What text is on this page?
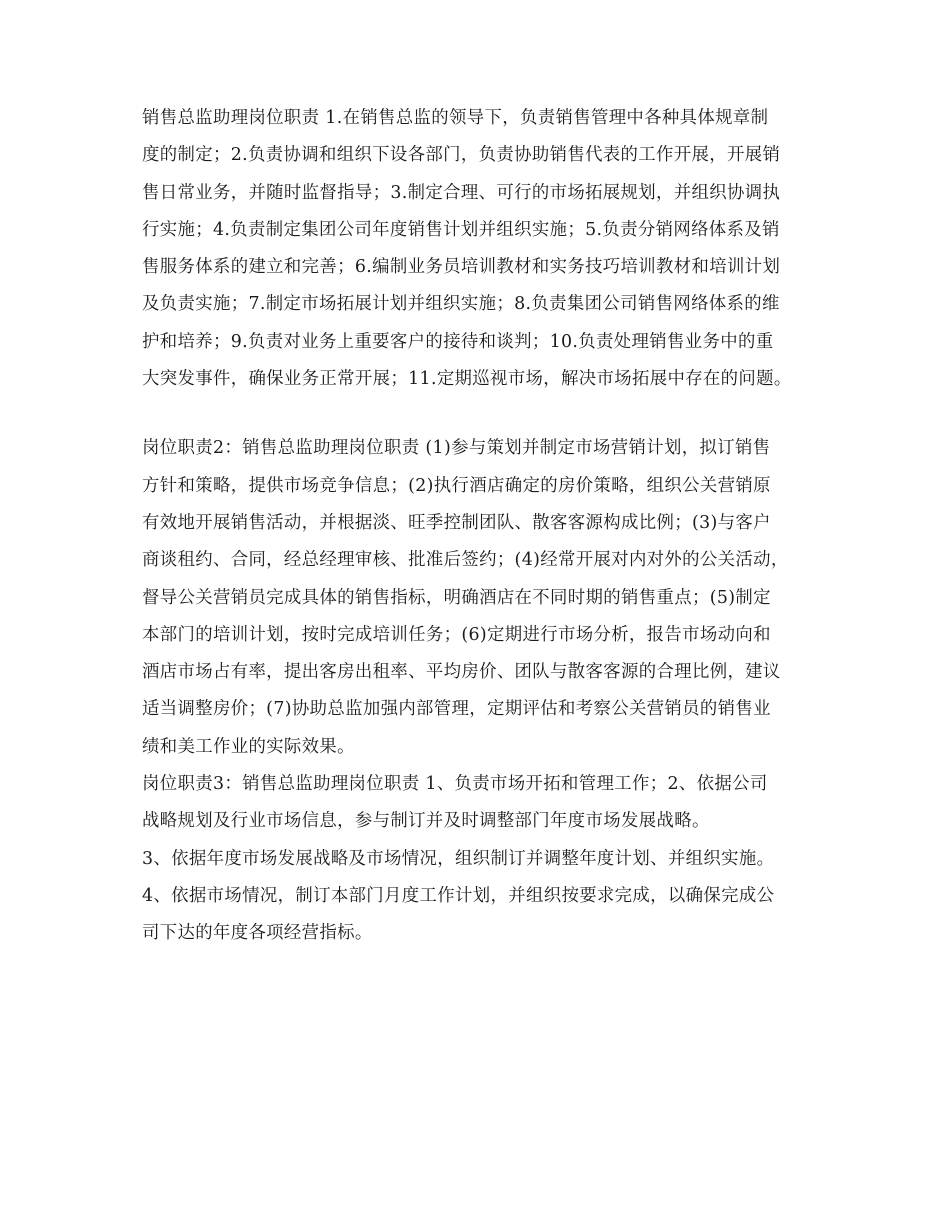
销售总监助理岗位职责 1.在销售总监的领导下，负责销售管理中各种具体规章制
度的制定；2.负责协调和组织下设各部门，负责协助销售代表的工作开展，开展销
售日常业务，并随时监督指导；3.制定合理、可行的市场拓展规划，并组织协调执
行实施；4.负责制定集团公司年度销售计划并组织实施；5.负责分销网络体系及销
售服务体系的建立和完善；6.编制业务员培训教材和实务技巧培训教材和培训计划
及负责实施；7.制定市场拓展计划并组织实施；8.负责集团公司销售网络体系的维
护和培养；9.负责对业务上重要客户的接待和谈判；10.负责处理销售业务中的重
大突发事件，确保业务正常开展；11.定期巡视市场，解决市场拓展中存在的问题。

岗位职责2：销售总监助理岗位职责 (1)参与策划并制定市场营销计划，拟订销售
方针和策略，提供市场竞争信息；(2)执行酒店确定的房价策略，组织公关营销原
有效地开展销售活动，并根据淡、旺季控制团队、散客客源构成比例；(3)与客户
商谈租约、合同，经总经理审核、批准后签约；(4)经常开展对内对外的公关活动，
督导公关营销员完成具体的销售指标，明确酒店在不同时期的销售重点；(5)制定
本部门的培训计划，按时完成培训任务；(6)定期进行市场分析，报告市场动向和
酒店市场占有率，提出客房出租率、平均房价、团队与散客客源的合理比例，建议
适当调整房价；(7)协助总监加强内部管理，定期评估和考察公关营销员的销售业
绩和美工作业的实际效果。

岗位职责3：销售总监助理岗位职责 1、负责市场开拓和管理工作；2、依据公司
战略规划及行业市场信息，参与制订并及时调整部门年度市场发展战略。

3、依据年度市场发展战略及市场情况，组织制订并调整年度计划、并组织实施。

4、依据市场情况，制订本部门月度工作计划，并组织按要求完成，以确保完成公
司下达的年度各项经营指标。
